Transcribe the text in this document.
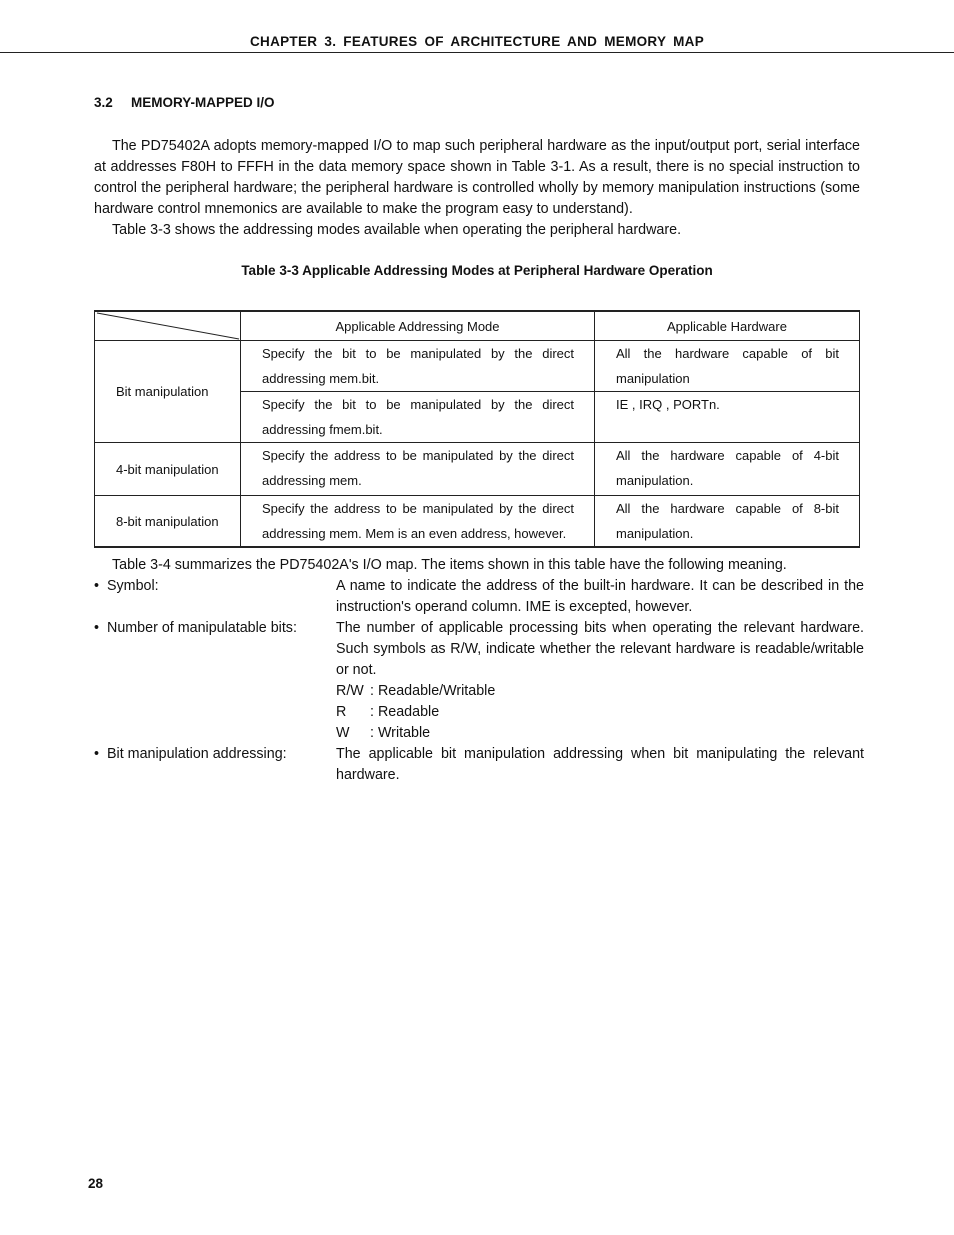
CHAPTER 3. FEATURES OF ARCHITECTURE AND MEMORY MAP
3.2 MEMORY-MAPPED I/O

The PD75402A adopts memory-mapped I/O to map such peripheral hardware as the input/output port, serial interface at addresses F80H to FFFH in the data memory space shown in Table 3-1. As a result, there is no special instruction to control the peripheral hardware; the peripheral hardware is controlled wholly by memory manipulation instructions (some hardware control mnemonics are available to make the program easy to understand).

Table 3-3 shows the addressing modes available when operating the peripheral hardware.

Table 3-3 Applicable Addressing Modes at Peripheral Hardware Operation
	Applicable Addressing Mode	Applicable Hardware
Bit manipulation	Specify the bit to be manipulated by the direct addressing mem.bit.	All the hardware capable of bit manipulation
	Specify the bit to be manipulated by the direct addressing fmem.bit.	IE , IRQ , PORTn.
4-bit manipulation	Specify the address to be manipulated by the direct addressing mem.	All the hardware capable of 4-bit manipulation.
8-bit manipulation	Specify the address to be manipulated by the direct addressing mem. Mem is an even address, however.	All the hardware capable of 8-bit manipulation.

Table 3-4 summarizes the PD75402A's I/O map. The items shown in this table have the following meaning.

• Symbol:	A name to indicate the address of the built-in hardware. It can be described in the instruction's operand column. IME is excepted, however.
• Number of manipulatable bits:	The number of applicable processing bits when operating the relevant hardware. Such symbols as R/W, indicate whether the relevant hardware is readable/writable or not.
R/W : Readable/Writable
R	: Readable
W	: Writable
• Bit manipulation addressing:	The applicable bit manipulation addressing when bit manipulating the relevant hardware.
28
